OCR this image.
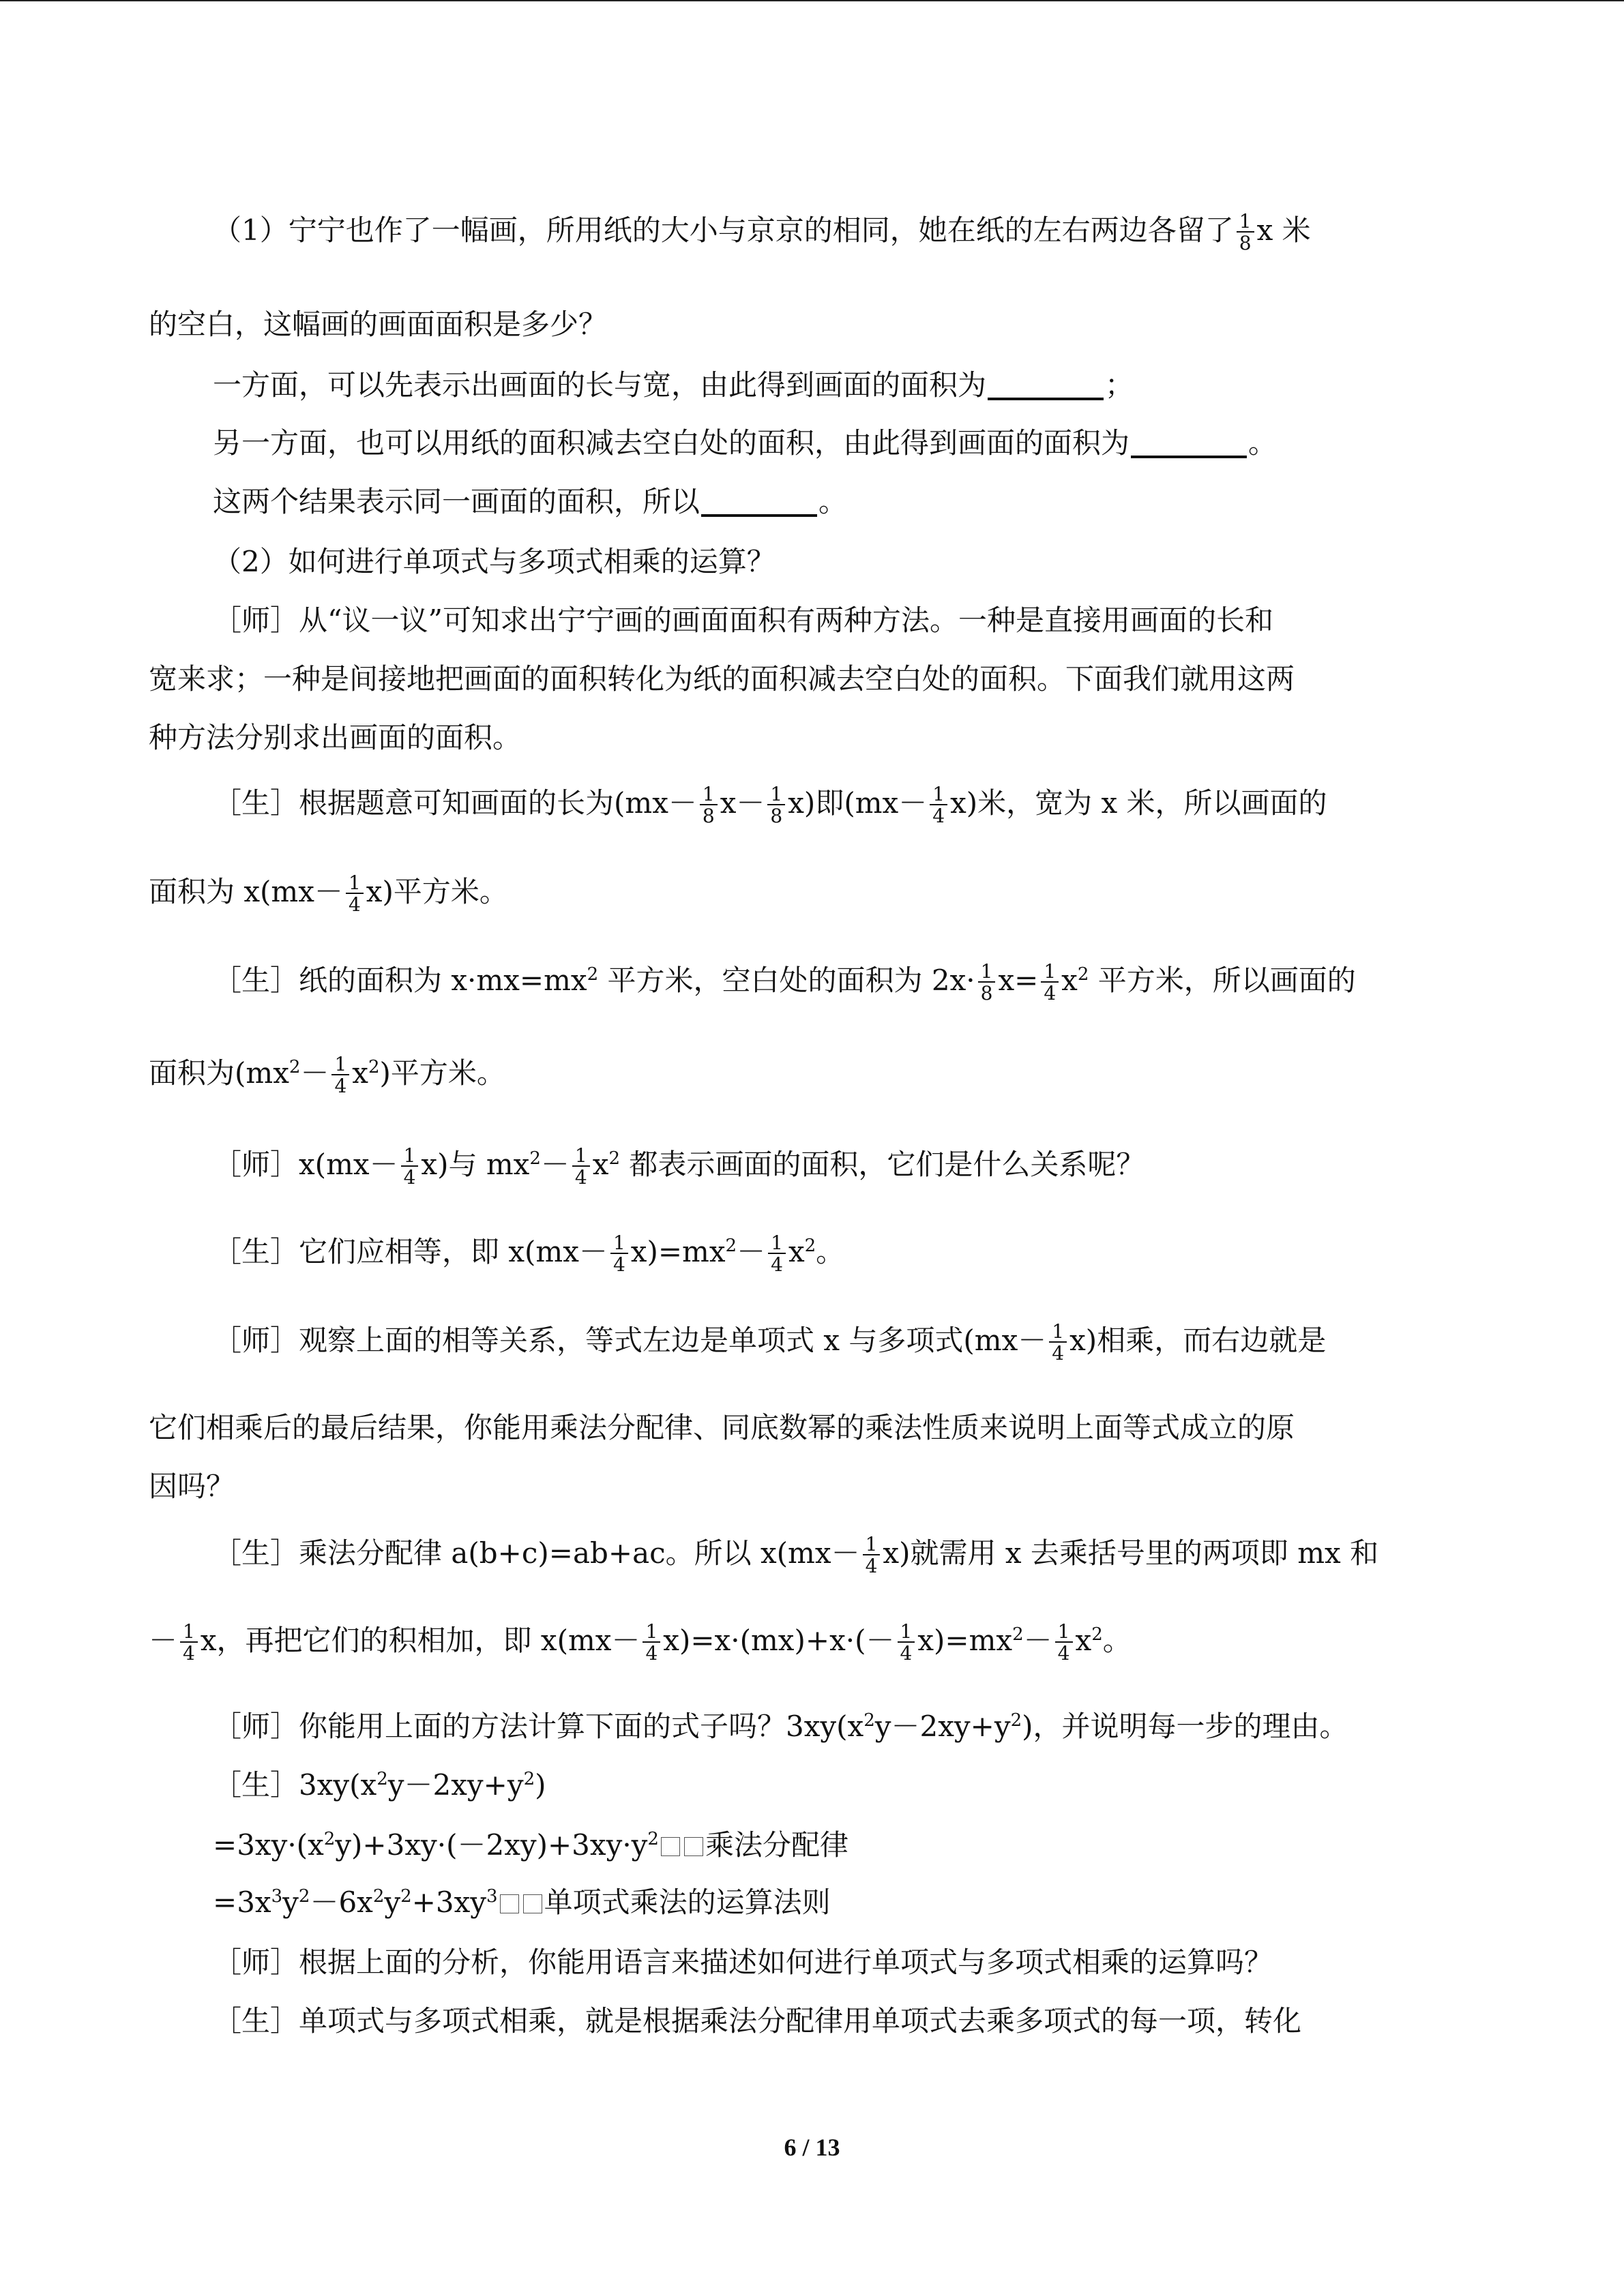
（1）宁宁也作了一幅画，所用纸的大小与京京的相同，她在纸的左右两边各留了 $\frac{1}{8}$ x 米
的空白，这幅画的画面面积是多少？
一方面，可以先表示出画面的长与宽，由此得到画面的面积为	；
另一方面，也可以用纸的面积减去空白处的面积，由此得到画面的面积为	。
这两个结果表示同一画面的面积，所以	。
（2）如何进行单项式与多项式相乘的运算？
［师］从“议一议”可知求出宁宁画的画面面积有两种方法。一种是直接用画面的长和
宽来求；一种是间接地把画面的面积转化为纸的面积减去空白处的面积。下面我们就用这两
种方法分别求出画面的面积。
［生］根据题意可知画面的长为$(mx- \frac{1}{8} x- \frac{1}{8} x)$即$(mx- \frac{1}{4} x)$米，宽为 x 米，所以画面的
面积为 $x(mx- \frac{1}{4} x)$平方米。
［生］纸的面积为 $x\cdot mx=mx^2$ 平方米，空白处的面积为 $2x\cdot \frac{1}{8} x= \frac{1}{4} x^2$ 平方米，所以画面的
面积为$(mx^2- \frac{1}{4} x^2)$平方米。
［师］x(mx－ $\frac{1}{4} x$)与 $mx^2- \frac{1}{4} x^2$ 都表示画面的面积，它们是什么关系呢？
［生］它们应相等，即 $x(mx- \frac{1}{4} x)=mx^2- \frac{1}{4} x^2$。
［师］观察上面的相等关系，等式左边是单项式 x 与多项式$(mx- \frac{1}{4} x)$相乘，而右边就是
它们相乘后的最后结果，你能用乘法分配律、同底数幂的乘法性质来说明上面等式成立的原
因吗？
［生］乘法分配律 a(b+c)=ab+ac。所以 $x(mx- \frac{1}{4} x)$就需用 x 去乘括号里的两项即 mx 和
－ $\frac{1}{4}$ x，再把它们的积相加，即 $x(mx- \frac{1}{4} x)=x\cdot(mx)+x\cdot(- \frac{1}{4} x)=mx^2- \frac{1}{4} x^2$。
［师］你能用上面的方法计算下面的式子吗？$3xy(x^2y-2xy+y^2)$，并说明每一步的理由。
［生$]3xy(x^2y-2xy+y^2)$
$=3xy\cdot(x^2y)+3xy\cdot(-2xy)+3xy\cdot y^2$ 乘法分配律
$=3x^3y^2-6x^2y^2+3xy^3$ 单项式乘法的运算法则
［师］根据上面的分析，你能用语言来描述如何进行单项式与多项式相乘的运算吗？
［生］单项式与多项式相乘，就是根据乘法分配律用单项式去乘多项式的每一项，转化
6 / 13
